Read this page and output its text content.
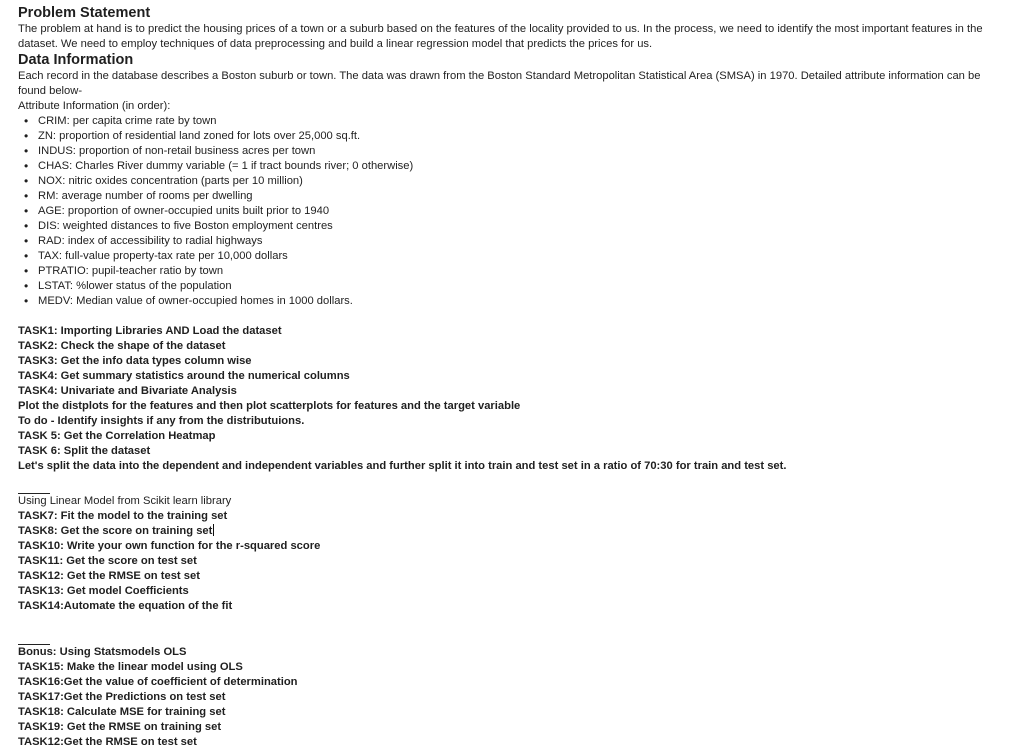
Problem Statement

The problem at hand is to predict the housing prices of a town or a suburb based on the features of the locality provided to us. In the process, we need to identify the most important features in the dataset. We need to employ techniques of data preprocessing and build a linear regression model that predicts the prices for us.

Data Information

Each record in the database describes a Boston suburb or town. The data was drawn from the Boston Standard Metropolitan Statistical Area (SMSA) in 1970. Detailed attribute information can be found below-

Attribute Information (in order):

• CRIM: per capita crime rate by town
• ZN: proportion of residential land zoned for lots over 25,000 sq.ft.
• INDUS: proportion of non-retail business acres per town
• CHAS: Charles River dummy variable (= 1 if tract bounds river; 0 otherwise)
• NOX: nitric oxides concentration (parts per 10 million)
• RM: average number of rooms per dwelling
• AGE: proportion of owner-occupied units built prior to 1940
• DIS: weighted distances to five Boston employment centres
• RAD: index of accessibility to radial highways
• TAX: full-value property-tax rate per 10,000 dollars
• PTRATIO: pupil-teacher ratio by town
• LSTAT: %lower status of the population
• MEDV: Median value of owner-occupied homes in 1000 dollars.

TASK1: Importing Libraries AND Load the dataset

TASK2: Check the shape of the dataset

TASK3: Get the info data types column wise

TASK4: Get summary statistics around the numerical columns

TASK4: Univariate and Bivariate Analysis

Plot the distplots for the features and then plot scatterplots for features and the target variable

To do - Identify insights if any from the distributuions.

TASK 5: Get the Correlation Heatmap

TASK 6: Split the dataset

Let's split the data into the dependent and independent variables and further split it into train and test set in a ratio of 70:30 for train and test set.

Using Linear Model from Scikit learn library

TASK7: Fit the model to the training set

TASK8: Get the score on training set

TASK10: Write your own function for the r-squared score

TASK11: Get the score on test set

TASK12: Get the RMSE on test set

TASK13: Get model Coefficients

TASK14:Automate the equation of the fit

Bonus: Using Statsmodels OLS

TASK15: Make the linear model using OLS

TASK16:Get the value of coefficient of determination

TASK17:Get the Predictions on test set

TASK18: Calculate MSE for training set

TASK19: Get the RMSE on training set

TASK12:Get the RMSE on test set
